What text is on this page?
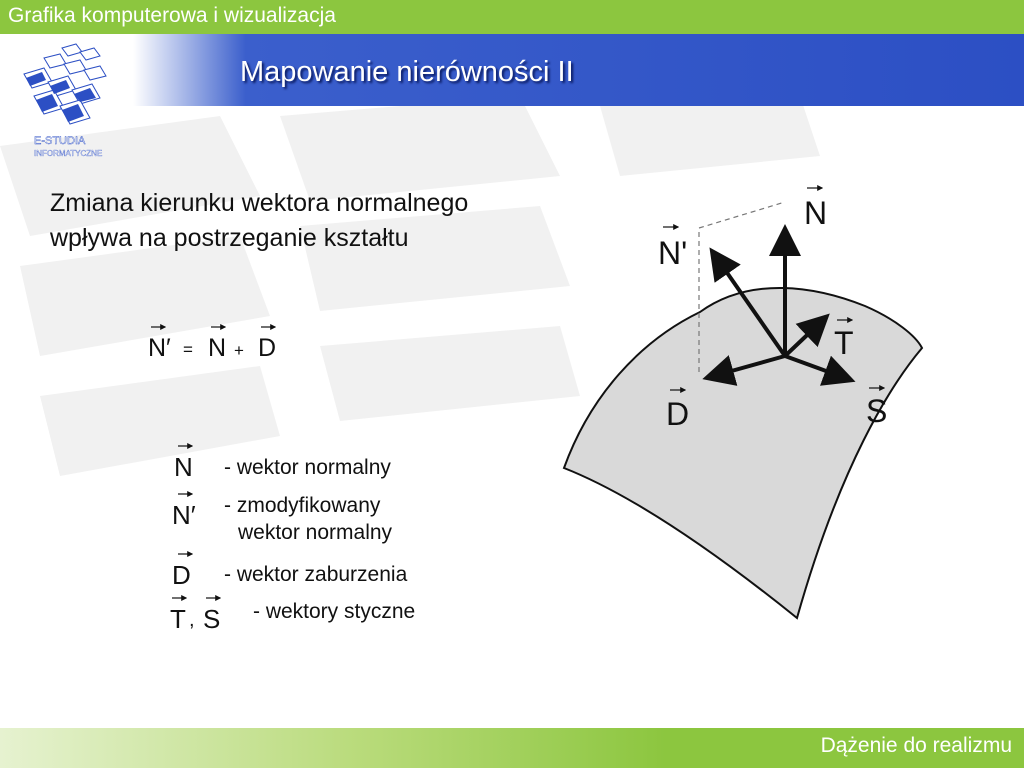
Grafika komputerowa i wizualizacja
Mapowanie nierówności II
E-STUDIA
INFORMATYCZNE
Zmiana kierunku wektora normalnego
wpływa na postrzeganie kształtu
N′ = N + D
N - wektor normalny
N′ - zmodyfikowany
wektor normalny
D - wektor zaburzenia
T , S - wektory styczne
N
N'
T
D	S
Dążenie do realizmu
